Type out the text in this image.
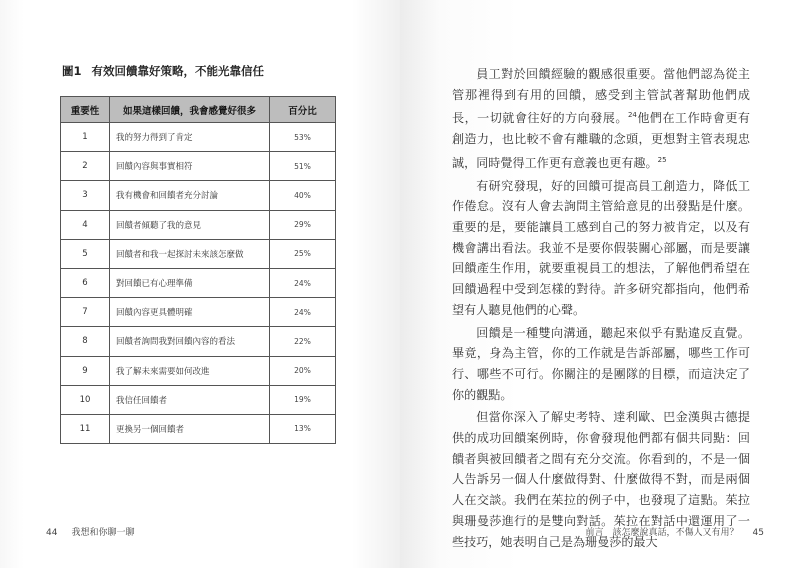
圖1 有效回饋靠好策略，不能光靠信任
重要性	如果這樣回饋，我會感覺好很多	百分比
1	我的努力得到了肯定	53%
2	回饋內容與事實相符	51%
3	我有機會和回饋者充分討論	40%
4	回饋者傾聽了我的意見	29%
5	回饋者和我一起探討未來該怎麼做	25%
6	對回饋已有心理準備	24%
7	回饋內容更具體明確	24%
8	回饋者詢問我對回饋內容的看法	22%
9	我了解未來需要如何改進	20%
10	我信任回饋者	19%
11	更換另一個回饋者	13%
44 我想和你聊一聊	前言　該怎麼說真話，不傷人又有用？ 45

員工對於回饋經驗的觀感很重要。當他們認為從主管那裡得到有用的回饋，感受到主管試著幫助他們成長，一切就會往好的方向發展。$^{24}$他們在工作時會更有創造力，也比較不會有離職的念頭，更想對主管表現忠誠，同時覺得工作更有意義也更有趣。$^{25}$

有研究發現，好的回饋可提高員工創造力，降低工作倦怠。沒有人會去詢問主管給意見的出發點是什麼。重要的是，要能讓員工感到自己的努力被肯定，以及有機會講出看法。我並不是要你假裝關心部屬，而是要讓回饋產生作用，就要重視員工的想法，了解他們希望在回饋過程中受到怎樣的對待。許多研究都指向，他們希望有人聽見他們的心聲。

回饋是一種雙向溝通，聽起來似乎有點違反直覺。畢竟，身為主管，你的工作就是告訴部屬，哪些工作可行、哪些不可行。你關注的是團隊的目標，而這決定了你的觀點。

但當你深入了解史考特、達利歐、巴金漢與古德提供的成功回饋案例時，你會發現他們都有個共同點：回饋者與被回饋者之間有充分交流。你看到的，不是一個人告訴另一個人什麼做得對、什麼做得不對，而是兩個人在交談。我們在茱拉的例子中，也發現了這點。茱拉與珊曼莎進行的是雙向對話。茱拉在對話中還運用了一些技巧，她表明自己是為珊曼莎的最大
